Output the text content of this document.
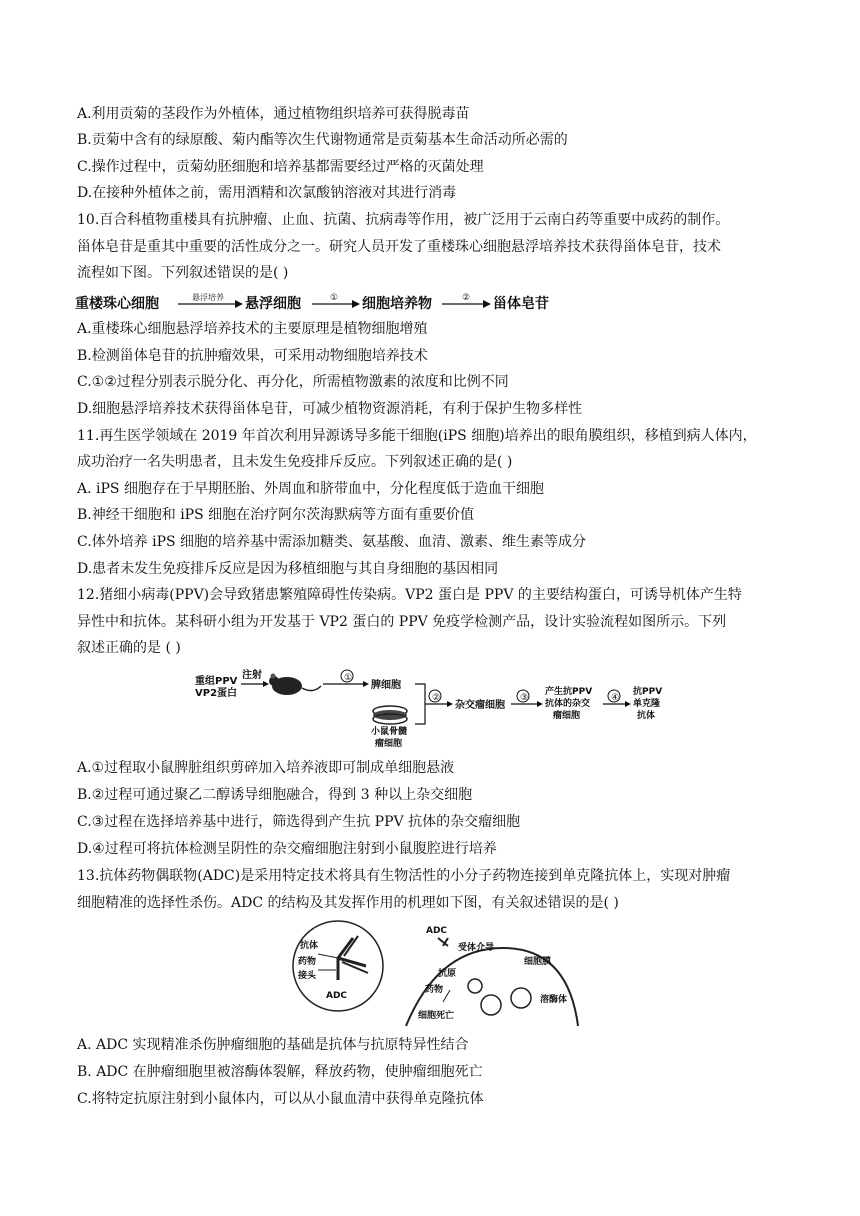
A.利用贡菊的茎段作为外植体，通过植物组织培养可获得脱毒苗
B.贡菊中含有的绿原酸、菊内酯等次生代谢物通常是贡菊基本生命活动所必需的
C.操作过程中，贡菊幼胚细胞和培养基都需要经过严格的灭菌处理
D.在接种外植体之前，需用酒精和次氯酸钠溶液对其进行消毒
10.百合科植物重楼具有抗肿瘤、止血、抗菌、抗病毒等作用，被广泛用于云南白药等重要中成药的制作。
甾体皂苷是重其中重要的活性成分之一。研究人员开发了重楼珠心细胞悬浮培养技术获得甾体皂苷，技术
流程如下图。下列叙述错误的是( )
重楼珠心细胞	悬浮培养 悬浮细胞	① 细胞培养物	② 甾体皂苷
A.重楼珠心细胞悬浮培养技术的主要原理是植物细胞增殖
B.检测甾体皂苷的抗肿瘤效果，可采用动物细胞培养技术
C.①②过程分别表示脱分化、再分化，所需植物激素的浓度和比例不同
D.细胞悬浮培养技术获得甾体皂苷，可减少植物资源消耗，有利于保护生物多样性
11.再生医学领域在 2019 年首次利用异源诱导多能干细胞(iPS 细胞)培养出的眼角膜组织，移植到病人体内，
成功治疗一名失明患者，且未发生免疫排斥反应。下列叙述正确的是( )
A. iPS 细胞存在于早期胚胎、外周血和脐带血中，分化程度低于造血干细胞
B.神经干细胞和 iPS 细胞在治疗阿尔茨海默病等方面有重要价值
C.体外培养 iPS 细胞的培养基中需添加糖类、氨基酸、血清、激素、维生素等成分
D.患者未发生免疫排斥反应是因为移植细胞与其自身细胞的基因相同
12.猪细小病毒(PPV)会导致猪患繁殖障碍性传染病。VP2 蛋白是 PPV 的主要结构蛋白，可诱导机体产生特
异性中和抗体。某科研小组为开发基于 VP2 蛋白的 PPV 免疫学检测产品，设计实验流程如图所示。下列
叙述正确的是 ( )
重组PPV
VP2蛋白
注射	①
脾细胞
小鼠骨髓
瘤细胞
②
杂交瘤细胞
③
产生抗PPV
抗体的杂交
瘤细胞
④
抗PPV
单克隆
抗体
A.①过程取小鼠脾脏组织剪碎加入培养液即可制成单细胞悬液
B.②过程可通过聚乙二醇诱导细胞融合，得到 3 种以上杂交细胞
C.③过程在选择培养基中进行，筛选得到产生抗 PPV 抗体的杂交瘤细胞
D.④过程可将抗体检测呈阴性的杂交瘤细胞注射到小鼠腹腔进行培养
13.抗体药物偶联物(ADC)是采用特定技术将具有生物活性的小分子药物连接到单克隆抗体上，实现对肿瘤
细胞精准的选择性杀伤。ADC 的结构及其发挥作用的机理如下图，有关叙述错误的是( )
抗体
药物
接头
ADC
ADC
受体介导
细胞膜
抗原
药物
细胞死亡
溶酶体
A. ADC 实现精准杀伤肿瘤细胞的基础是抗体与抗原特异性结合
B. ADC 在肿瘤细胞里被溶酶体裂解，释放药物，使肿瘤细胞死亡
C.将特定抗原注射到小鼠体内，可以从小鼠血清中获得单克隆抗体
